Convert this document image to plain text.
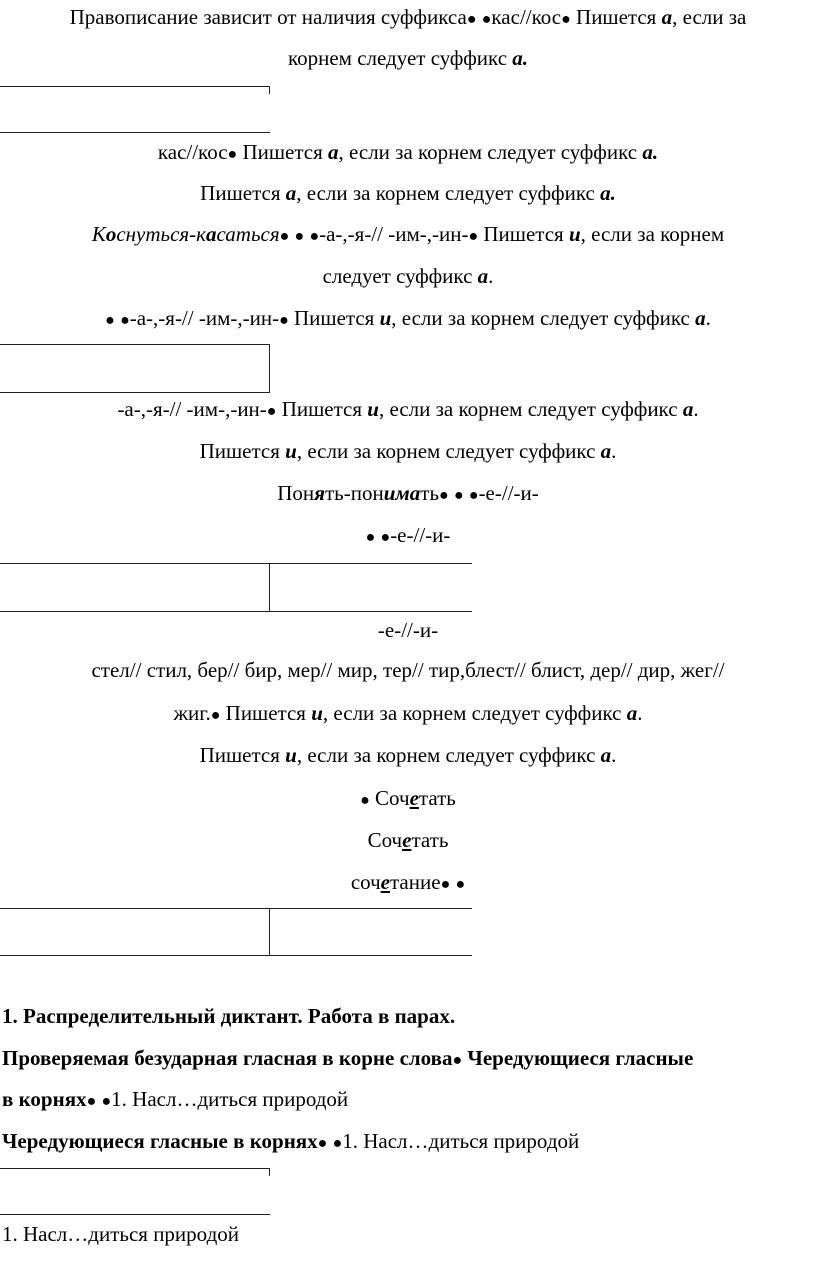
Правописание зависит от наличия суффикса● ●кас//кос● Пишется а, если за
корнем следует суффикс а.
кас//кос● Пишется а, если за корнем следует суффикс а.
Пишется а, если за корнем следует суффикс а.
Коснуться-касаться● ● ●-а-,-я-// -им-,-ин-● Пишется и, если за корнем
следует суффикс а.
● ●-а-,-я-// -им-,-ин-● Пишется и, если за корнем следует суффикс а.
-а-,-я-// -им-,-ин-● Пишется и, если за корнем следует суффикс а.
Пишется и, если за корнем следует суффикс а.
Понять-понимать● ● ●-е-//-и-
● ●-е-//-и-
-е-//-и-
стел// стил, бер// бир, мер// мир, тер// тир,блест// блист, дер// дир, жег//
жиг.● Пишется и, если за корнем следует суффикс а.
Пишется и, если за корнем следует суффикс а.
● Сочетать
Сочетать
сочетание● ●
1. Распределительный диктант. Работа в парах.
Проверяемая безударная гласная в корне слова● Чередующиеся гласные
в корнях● ●1. Насл…диться природой
Чередующиеся гласные в корнях● ●1. Насл…диться природой
1. Насл…диться природой
